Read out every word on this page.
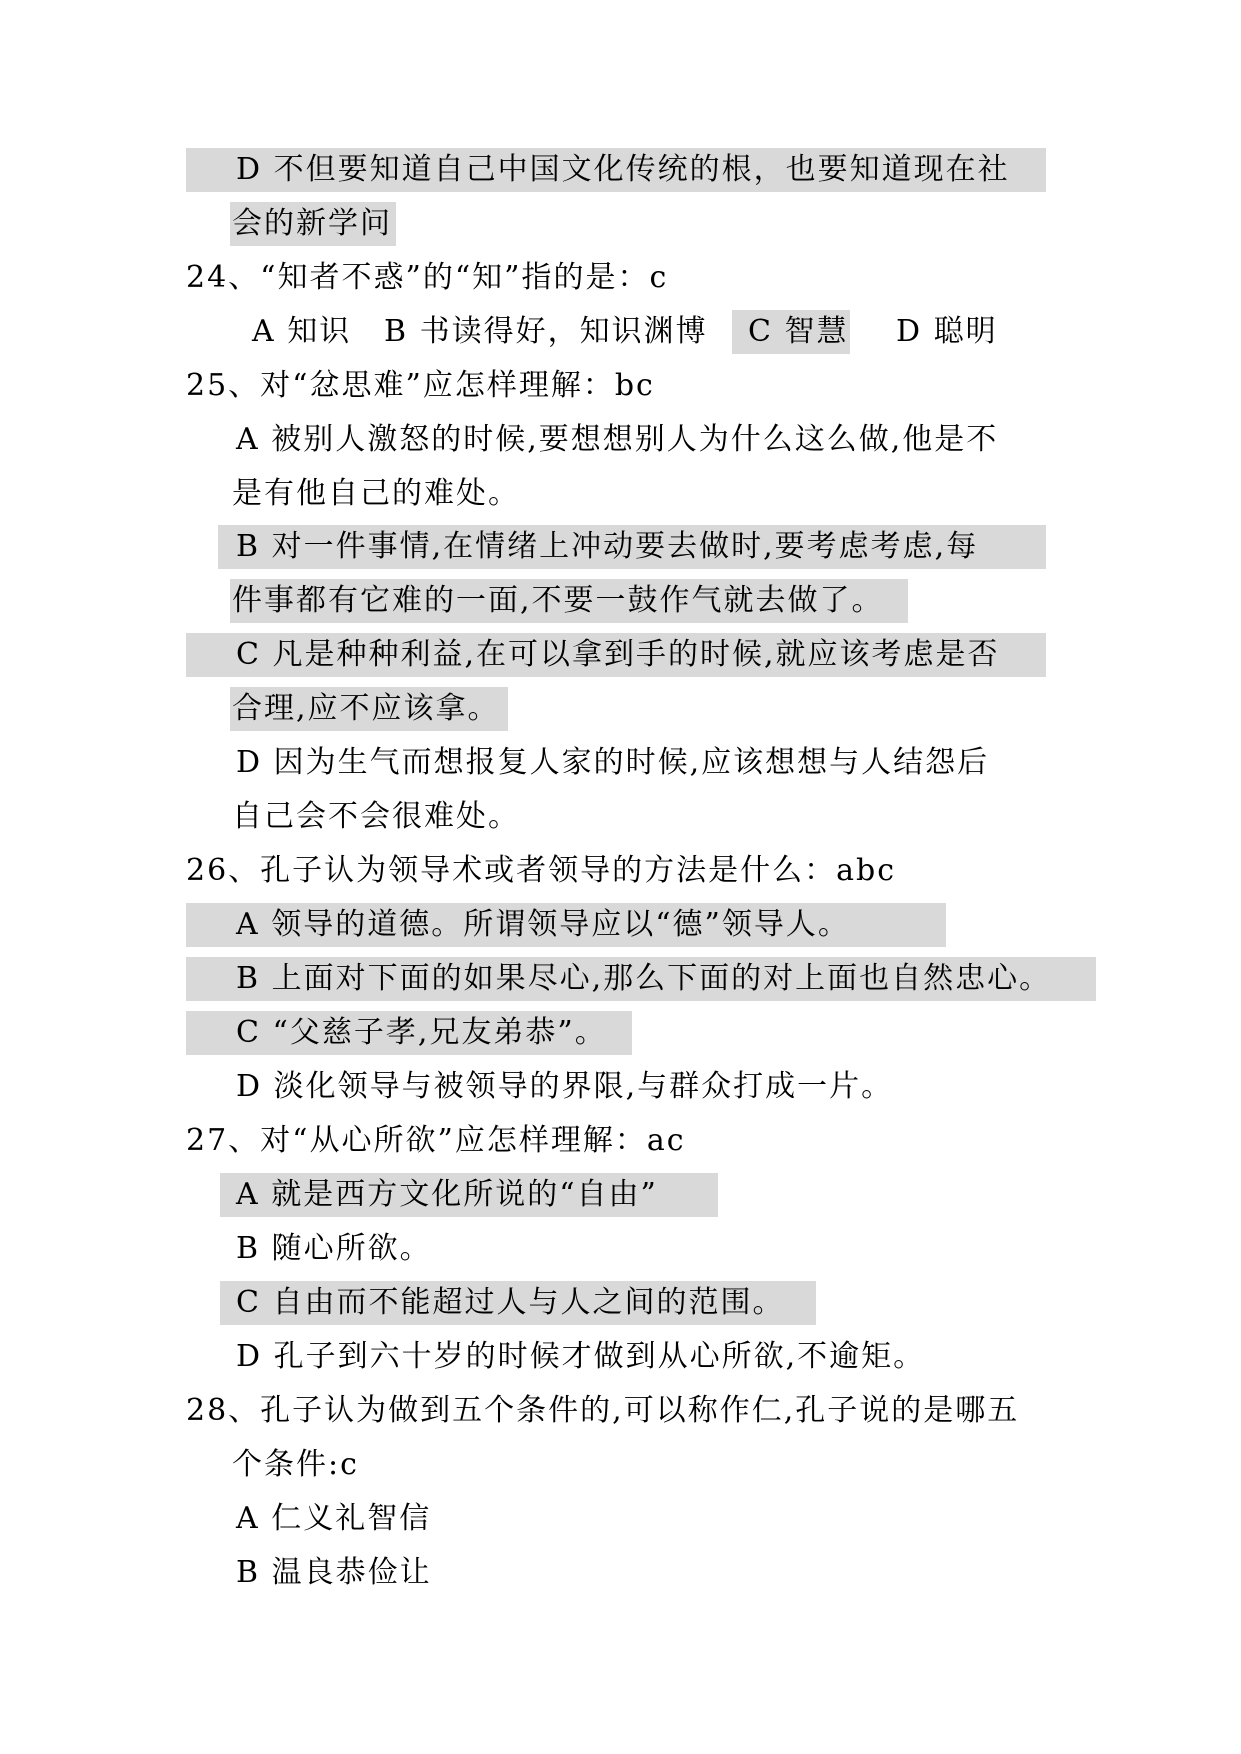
D 不但要知道自己中国文化传统的根，也要知道现在社
会的新学问
24、“知者不惑”的“知”指的是：c
A 知识 B 书读得好，知识渊博 C 智慧 D 聪明
25、对“忿思难”应怎样理解：bc
A 被别人激怒的时候,要想想别人为什么这么做,他是不
是有他自己的难处。
B 对一件事情,在情绪上冲动要去做时,要考虑考虑,每
件事都有它难的一面,不要一鼓作气就去做了。
C 凡是种种利益,在可以拿到手的时候,就应该考虑是否
合理,应不应该拿。
D 因为生气而想报复人家的时候,应该想想与人结怨后
自己会不会很难处。
26、孔子认为领导术或者领导的方法是什么：abc
A 领导的道德。所谓领导应以“德”领导人。
B 上面对下面的如果尽心,那么下面的对上面也自然忠心。
C “父慈子孝,兄友弟恭”。
D 淡化领导与被领导的界限,与群众打成一片。
27、对“从心所欲”应怎样理解：ac
A 就是西方文化所说的“自由”
B 随心所欲。
C 自由而不能超过人与人之间的范围。
D 孔子到六十岁的时候才做到从心所欲,不逾矩。
28、孔子认为做到五个条件的,可以称作仁,孔子说的是哪五
个条件:c
A 仁义礼智信
B 温良恭俭让
